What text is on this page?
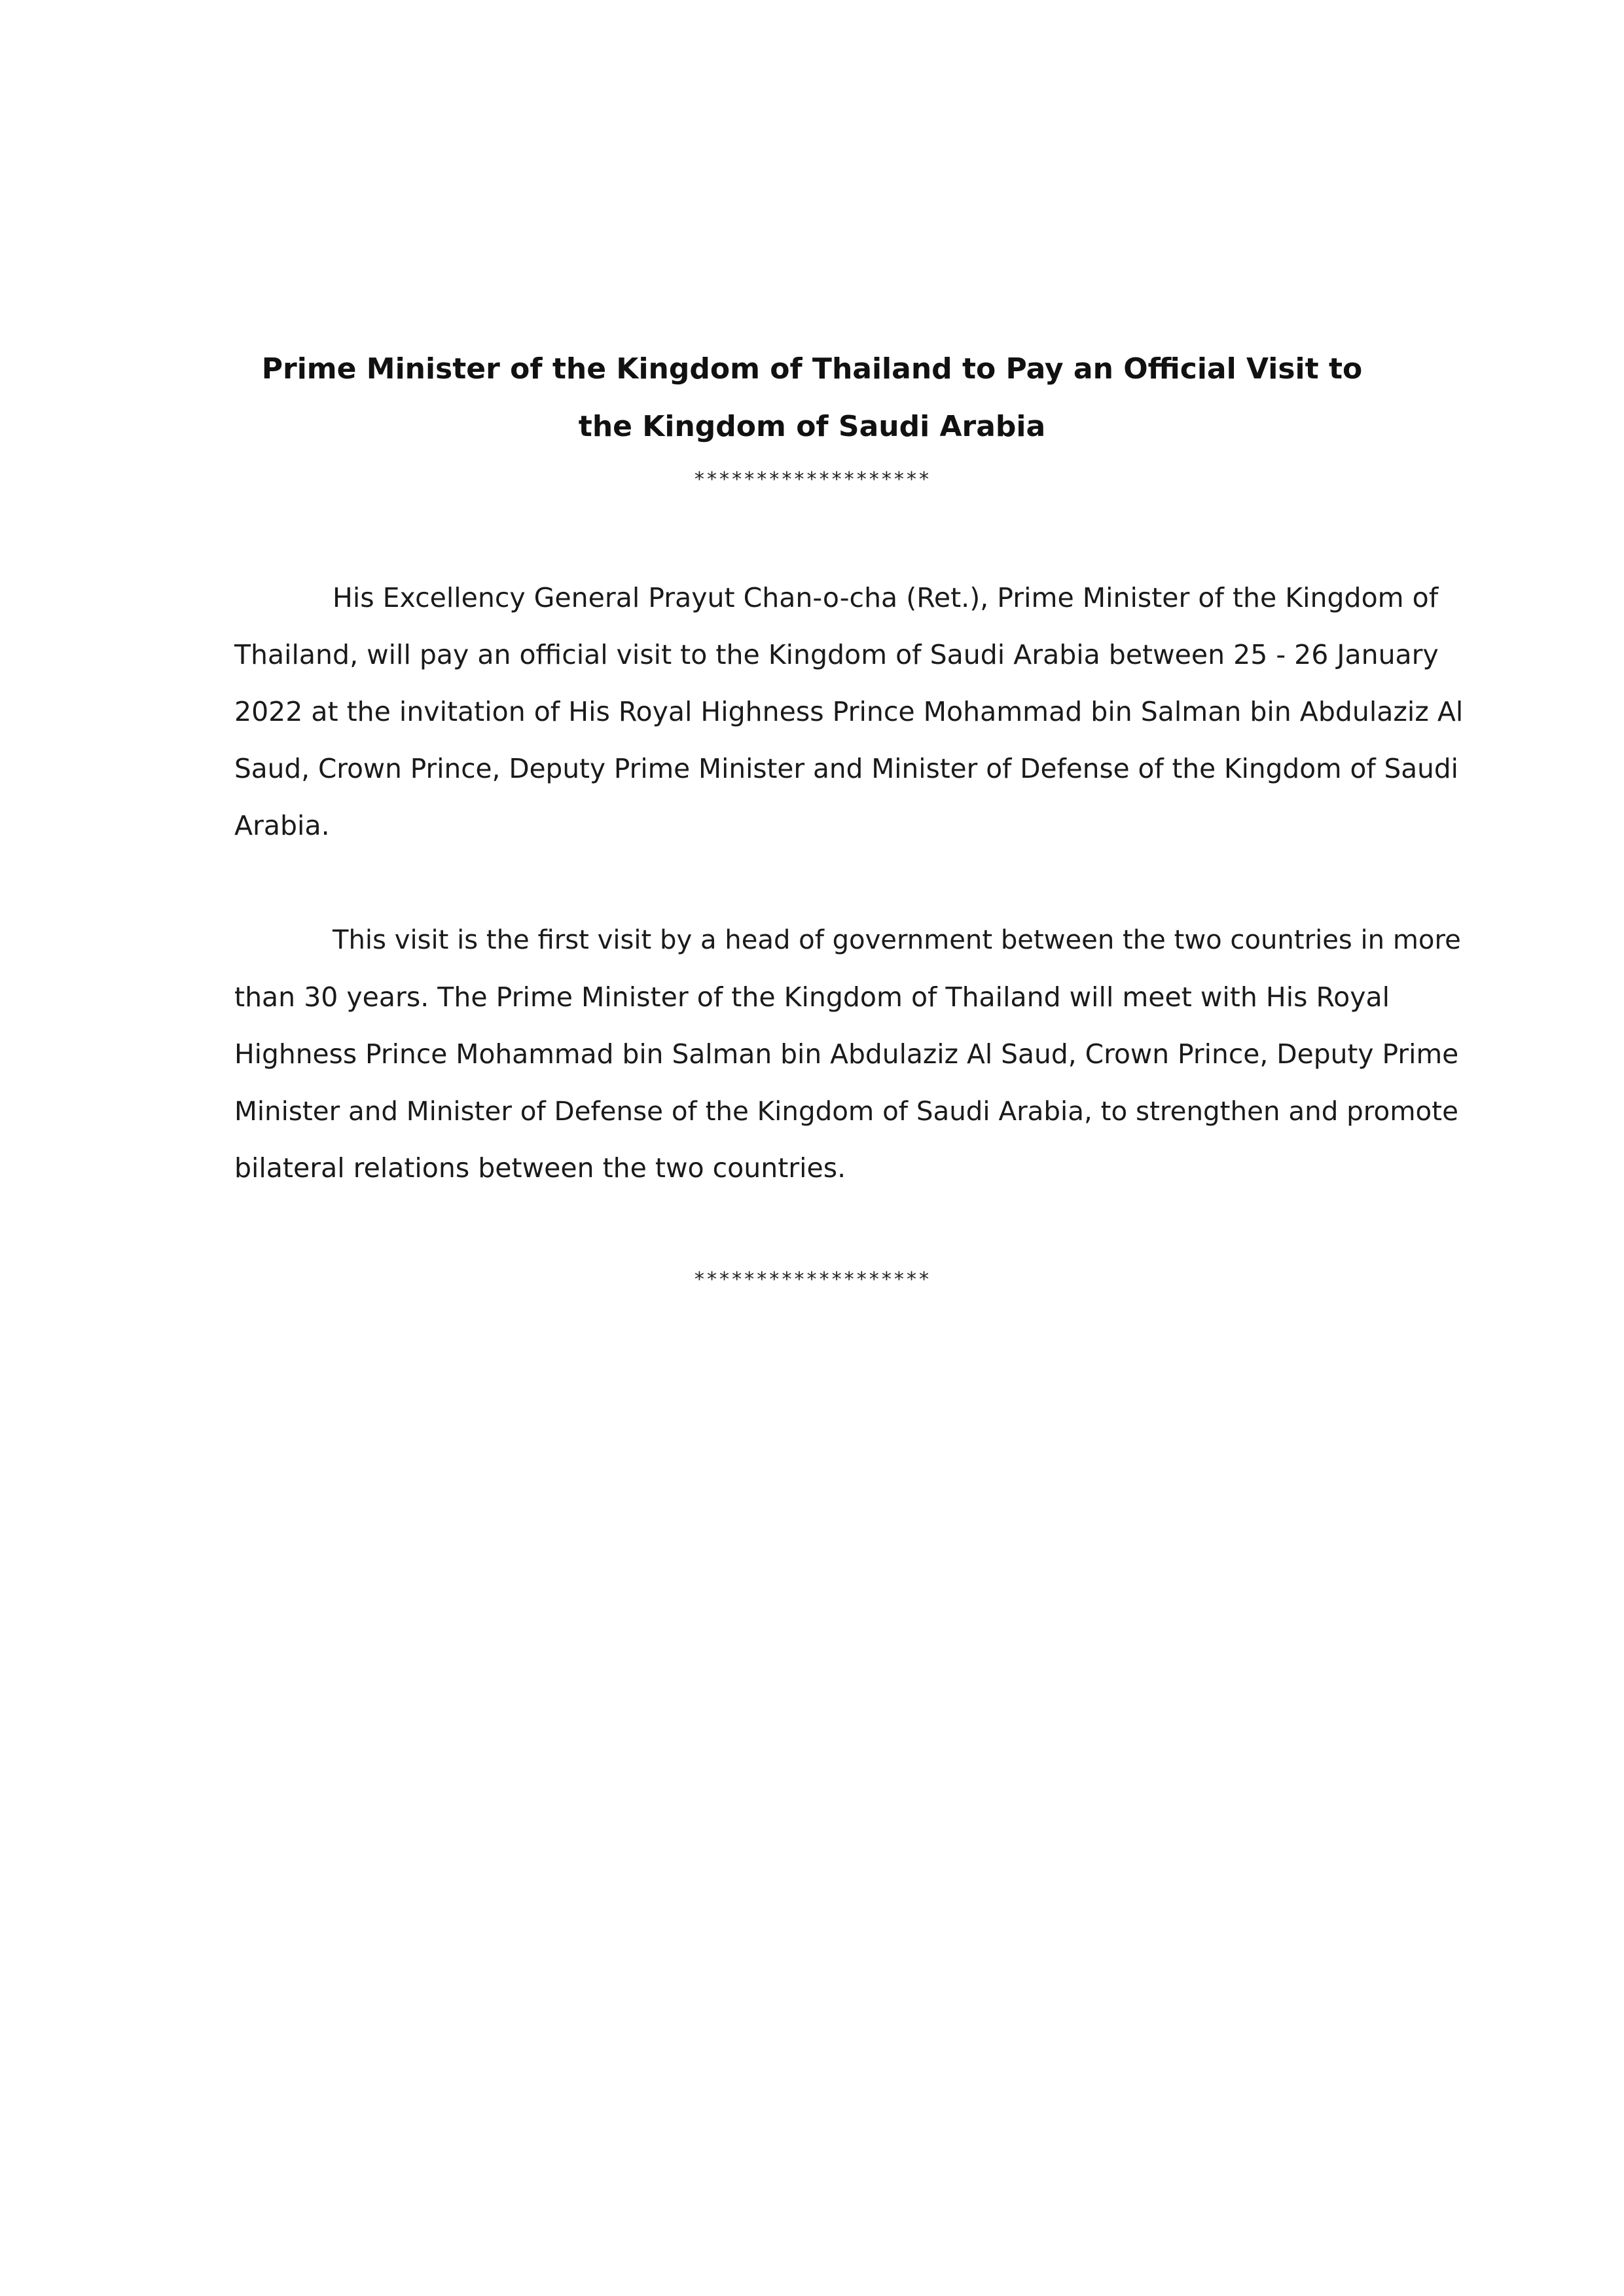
Prime Minister of the Kingdom of Thailand to Pay an Official Visit to
the Kingdom of Saudi Arabia
*******************
His Excellency General Prayut Chan-o-cha (Ret.), Prime Minister of the Kingdom of
Thailand, will pay an official visit to the Kingdom of Saudi Arabia between 25 - 26 January
2022 at the invitation of His Royal Highness Prince Mohammad bin Salman bin Abdulaziz Al
Saud, Crown Prince, Deputy Prime Minister and Minister of Defense of the Kingdom of Saudi
Arabia.
This visit is the first visit by a head of government between the two countries in more
than 30 years. The Prime Minister of the Kingdom of Thailand will meet with His Royal
Highness Prince Mohammad bin Salman bin Abdulaziz Al Saud, Crown Prince, Deputy Prime
Minister and Minister of Defense of the Kingdom of Saudi Arabia, to strengthen and promote
bilateral relations between the two countries.
*******************
